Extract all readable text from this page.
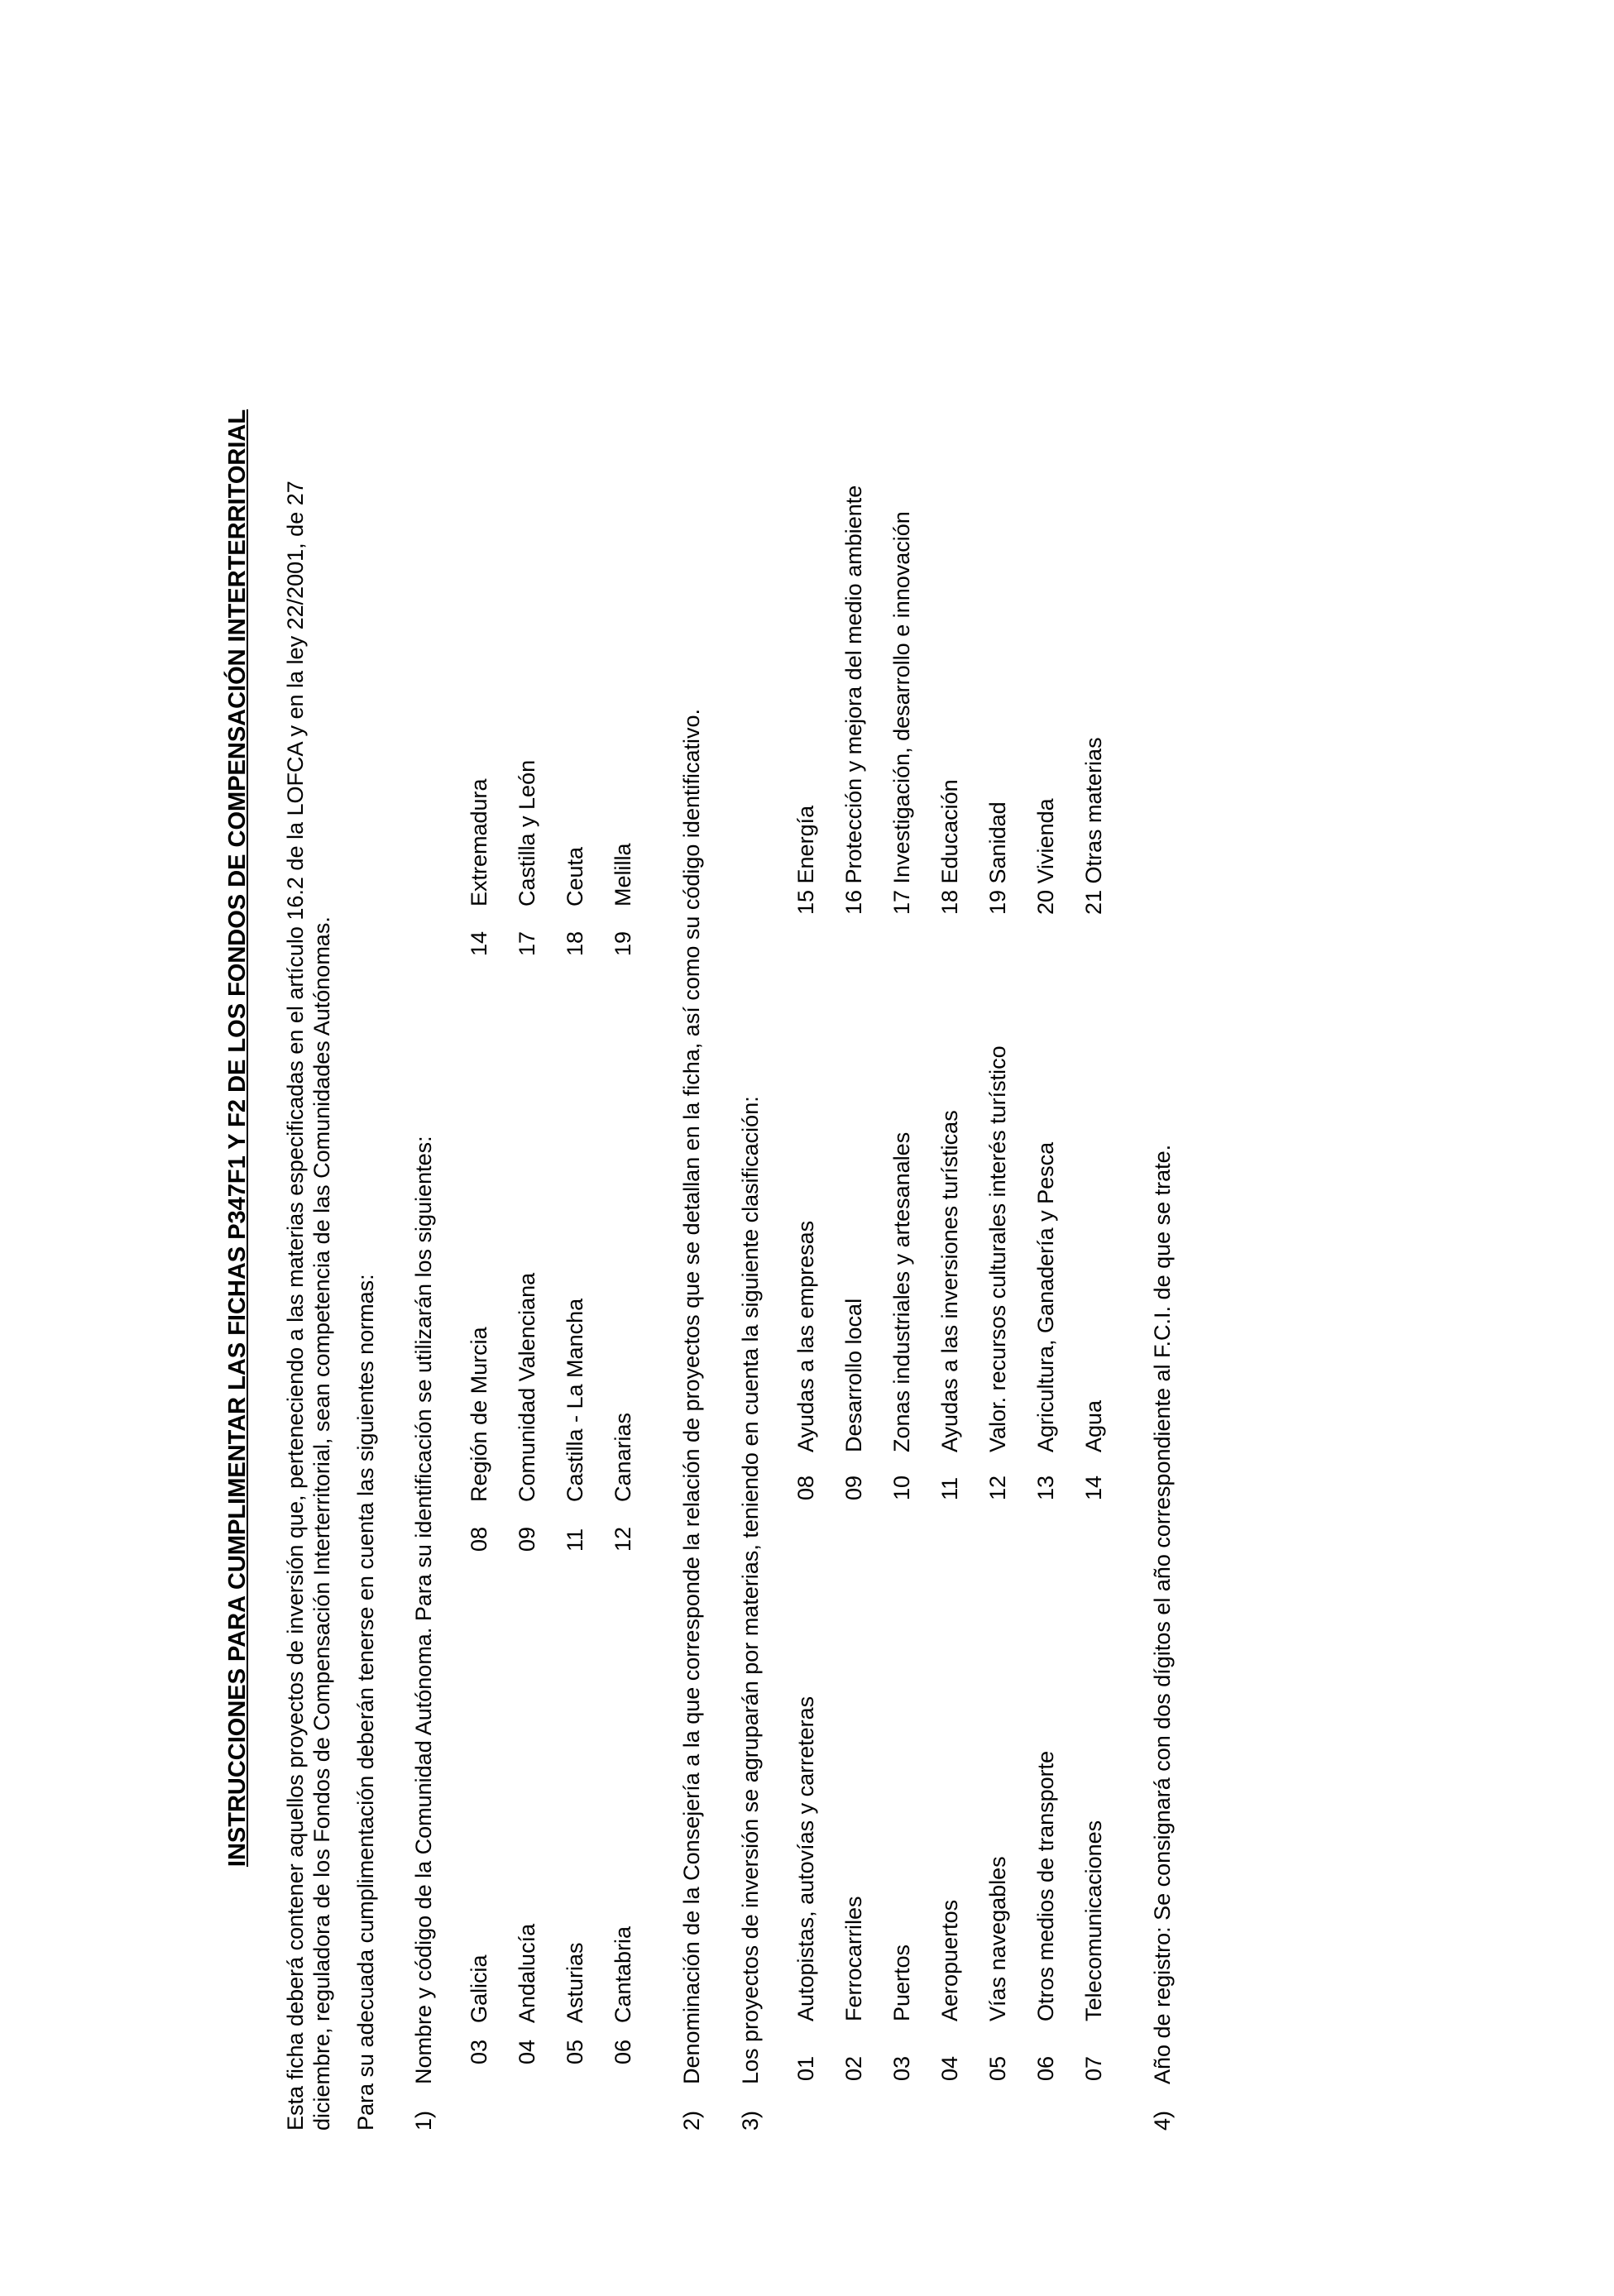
INSTRUCCIONES PARA CUMPLIMENTAR LAS FICHAS P347F1 Y F2 DE LOS FONDOS DE COMPENSACIÓN INTERTERRITORIAL Esta ficha deberá contener aquellos proyectos de inversión que, perteneciendo a las materias especificadas en el artículo 16.2 de la LOFCA y en la ley 22/2001, de 27 diciembre, reguladora de los Fondos de Compensación Interterritorial, sean competencia de las Comunidades Autónomas. Para su adecuada cumplimentación deberán tenerse en cuenta las siguientes normas: 1)
Nombre y código de la Comunidad Autónoma. Para su identificación se utilizarán los siguientes: 03	Galicia	08	Región de Murcia	14	Extremadura
04	Andalucía	09	Comunidad Valenciana	17	Castilla y León
05	Asturias	11	Castilla - La Mancha	18	Ceuta
06	Cantabria	12	Canarias	19	Melilla
2)
Denominación de la Consejería a la que corresponde la relación de proyectos que se detallan en la ficha, así como su código identificativo.
3)
Los proyectos de inversión se agruparán por materias, teniendo en cuenta la siguiente clasificación: 01	Autopistas, autovías y carreteras	08	Ayudas a las empresas	15 Energía
02	Ferrocarriles	09	Desarrollo local	16 Protección y mejora del medio ambiente
03	Puertos	10	Zonas industriales y artesanales	17 Investigación, desarrollo e innovación
04	Aeropuertos	11	Ayudas a las inversiones turísticas	18 Educación
05	Vías navegables	12	Valor. recursos culturales interés turístico	19 Sanidad
06	Otros medios de transporte	13	Agricultura, Ganadería y Pesca	20 Vivienda
07	Telecomunicaciones	14	Agua	21 Otras materias
4)
Año de registro: Se consignará con dos dígitos el año correspondiente al F.C.I. de que se trate.
